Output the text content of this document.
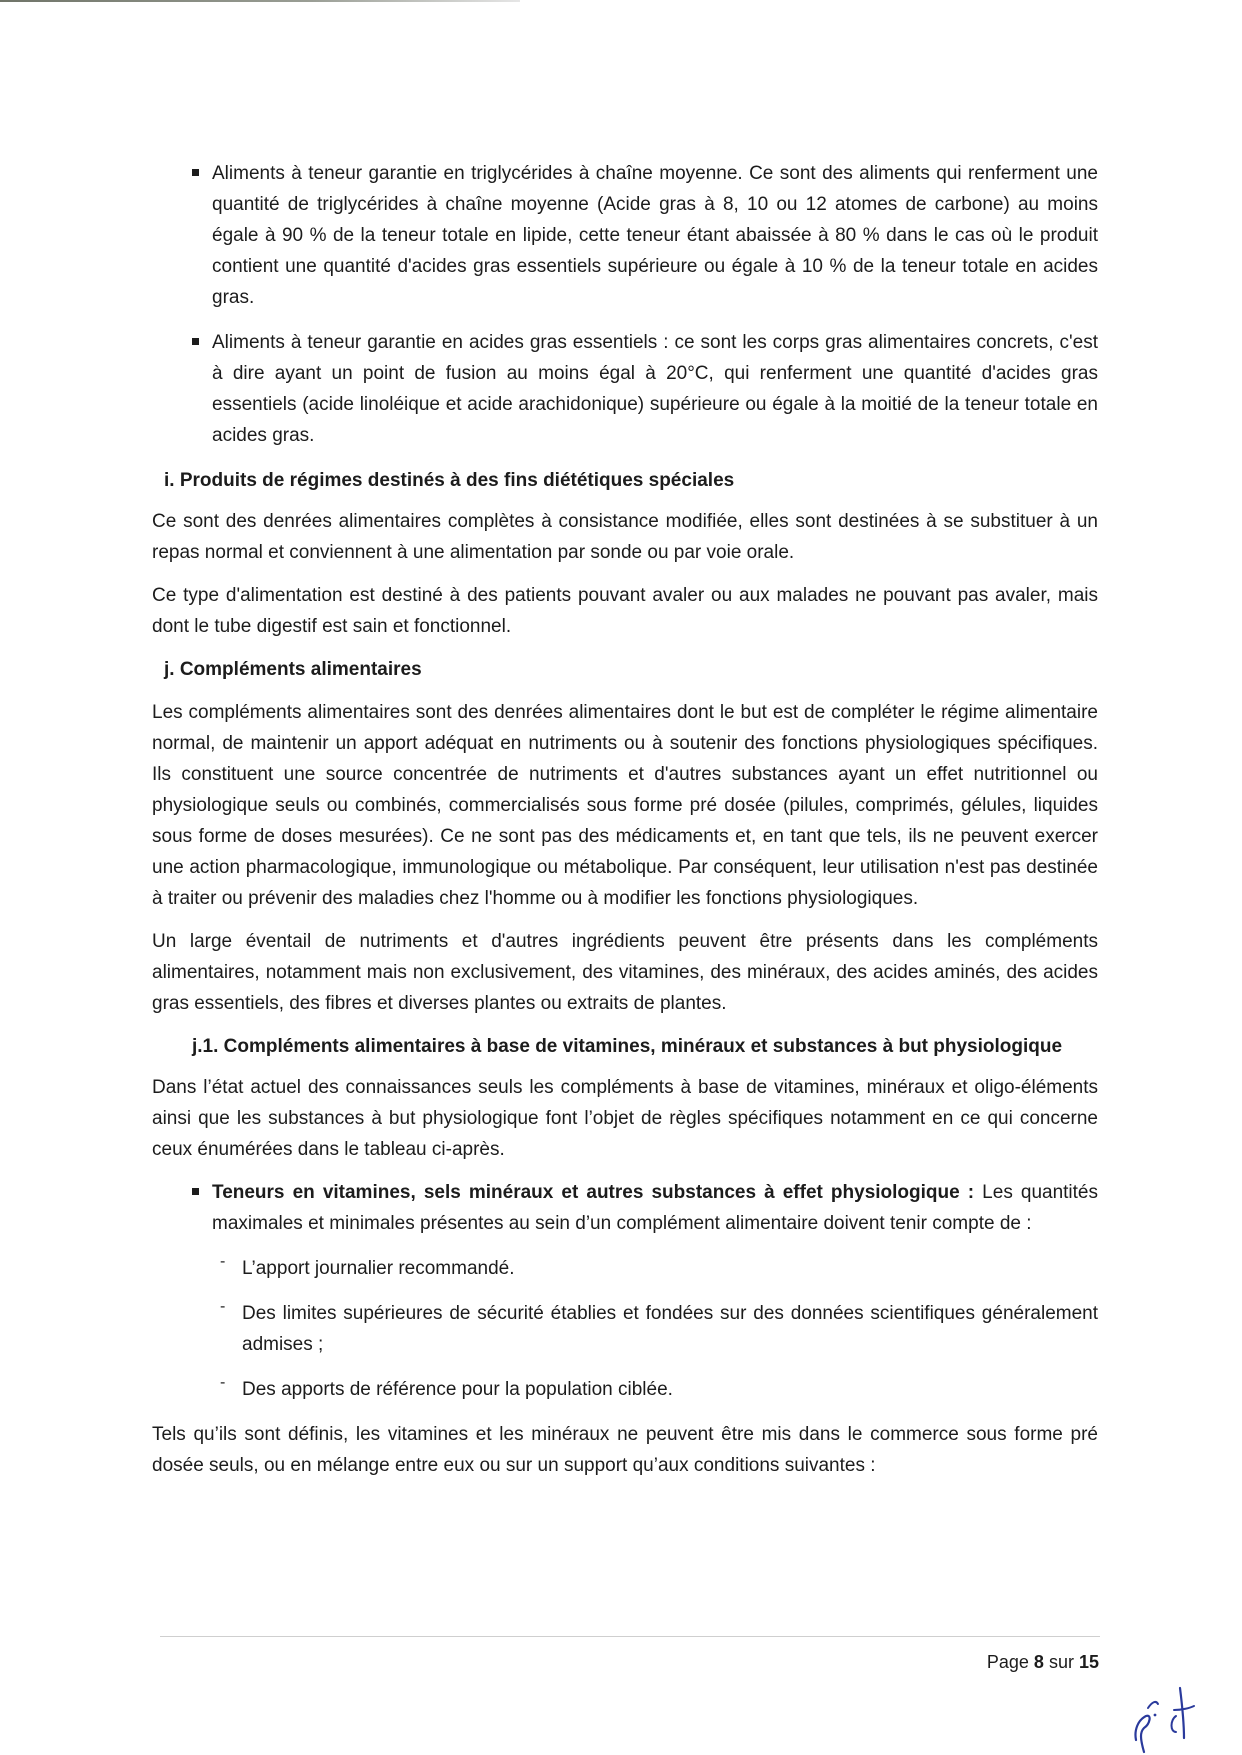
Aliments à teneur garantie en triglycérides à chaîne moyenne. Ce sont des aliments qui renferment une quantité de triglycérides à chaîne moyenne (Acide gras à 8, 10 ou 12 atomes de carbone) au moins égale à 90 % de la teneur totale en lipide, cette teneur étant abaissée à 80 % dans le cas où le produit contient une quantité d'acides gras essentiels supérieure ou égale à 10 % de la teneur totale en acides gras.

Aliments à teneur garantie en acides gras essentiels : ce sont les corps gras alimentaires concrets, c'est à dire ayant un point de fusion au moins égal à 20°C, qui renferment une quantité d'acides gras essentiels (acide linoléique et acide arachidonique) supérieure ou égale à la moitié de la teneur totale en acides gras.

i. Produits de régimes destinés à des fins diététiques spéciales

Ce sont des denrées alimentaires complètes à consistance modifiée, elles sont destinées à se substituer à un repas normal et conviennent à une alimentation par sonde ou par voie orale.

Ce type d'alimentation est destiné à des patients pouvant avaler ou aux malades ne pouvant pas avaler, mais dont le tube digestif est sain et fonctionnel.

j. Compléments alimentaires

Les compléments alimentaires sont des denrées alimentaires dont le but est de compléter le régime alimentaire normal, de maintenir un apport adéquat en nutriments ou à soutenir des fonctions physiologiques spécifiques. Ils constituent une source concentrée de nutriments et d'autres substances ayant un effet nutritionnel ou physiologique seuls ou combinés, commercialisés sous forme pré dosée (pilules, comprimés, gélules, liquides sous forme de doses mesurées). Ce ne sont pas des médicaments et, en tant que tels, ils ne peuvent exercer une action pharmacologique, immunologique ou métabolique. Par conséquent, leur utilisation n'est pas destinée à traiter ou prévenir des maladies chez l'homme ou à modifier les fonctions physiologiques.

Un large éventail de nutriments et d'autres ingrédients peuvent être présents dans les compléments alimentaires, notamment mais non exclusivement, des vitamines, des minéraux, des acides aminés, des acides gras essentiels, des fibres et diverses plantes ou extraits de plantes.

j.1. Compléments alimentaires à base de vitamines, minéraux et substances à but physiologique

Dans l’état actuel des connaissances seuls les compléments à base de vitamines, minéraux et oligo-éléments ainsi que les substances à but physiologique font l’objet de règles spécifiques notamment en ce qui concerne ceux énumérées dans le tableau ci-après.

Teneurs en vitamines, sels minéraux et autres substances à effet physiologique : Les quantités maximales et minimales présentes au sein d’un complément alimentaire doivent tenir compte de :

- L’apport journalier recommandé.

- Des limites supérieures de sécurité établies et fondées sur des données scientifiques généralement admises ;

- Des apports de référence pour la population ciblée.

Tels qu’ils sont définis, les vitamines et les minéraux ne peuvent être mis dans le commerce sous forme pré dosée seuls, ou en mélange entre eux ou sur un support qu’aux conditions suivantes :

Page 8 sur 15
